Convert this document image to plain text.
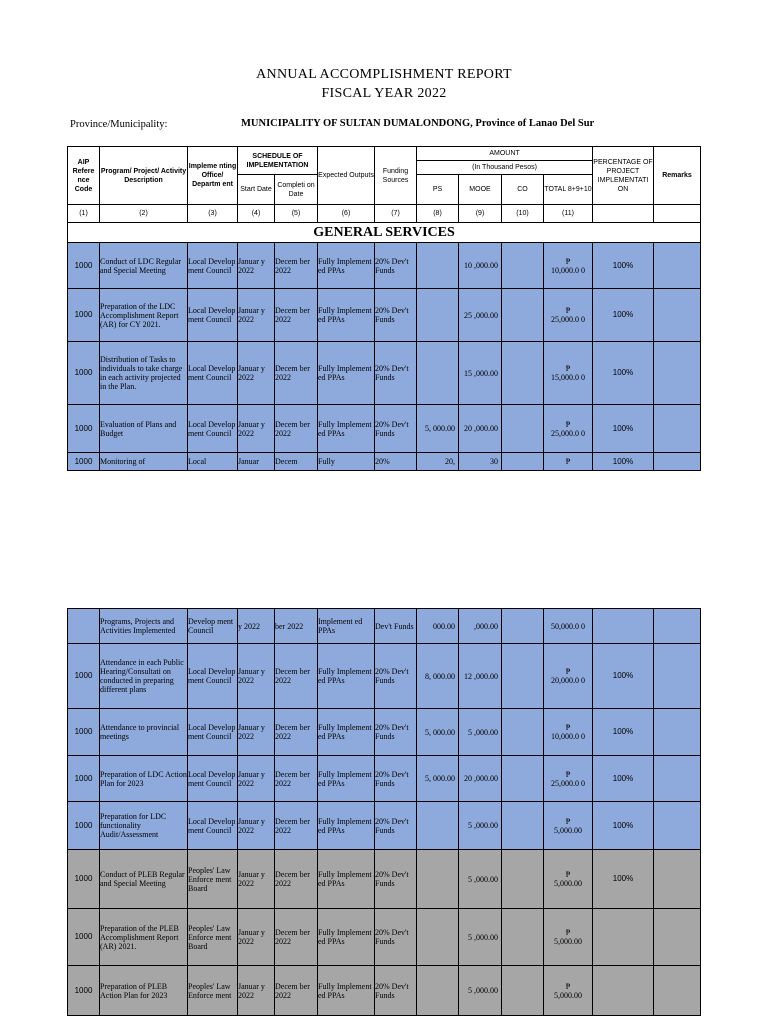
ANNUAL ACCOMPLISHMENT REPORT
FISCAL YEAR 2022
Province/Municipality:	MUNICIPALITY OF SULTAN DUMALONDONG, Province of Lanao Del Sur
AIP Refere nce Code	Program/ Project/ Activity Description	Impleme nting Office/ Departm ent	SCHEDULE OF IMPLEMENTATION		Expected Outputs	Funding Sources	AMOUNT				PERCENTAGE OF PROJECT IMPLEMENTATI ON	Remarks
							(In Thousand Pesos)					
			Start Date	Completi on Date			PS	MOOE	CO	TOTAL 8+9+10		
(1)	(2)	(3)	(4)	(5)	(6)	(7)	(8)	(9)	(10)	(11)		
GENERAL SERVICES												
1000	Conduct of LDC Regular and Special Meeting	Local Develop ment Council	Januar y 2022	Decem ber 2022	Fully Implement ed PPAs	20% Dev't Funds		10 ,000.00		₱
10,000.0 0	100%	
1000	Preparation of the LDC Accomplishment Report (AR) for CY 2021.	Local Develop ment Council	Januar y 2022	Decem ber 2022	Fully Implement ed PPAs	20% Dev't Funds		25 ,000.00		₱
25,000.0 0	100%	
1000	Distribution of Tasks to individuals to take charge in each activity projected in the Plan.	Local Develop ment Council	Januar y 2022	Decem ber 2022	Fully Implement ed PPAs	20% Dev't Funds		15 ,000.00		₱
15,000.0 0	100%	
1000	Evaluation of Plans and Budget	Local Develop ment Council	Januar y 2022	Decem ber 2022	Fully Implement ed PPAs	20% Dev't Funds	5, 000.00	20 ,000.00		₱
25,000.0 0	100%	
1000	Monitoring of	Local	Januar	Decem	Fully	20%	20,	30		₱	100%	
	Programs, Projects and Activities Implemented	Develop ment Council	y 2022	ber 2022	Implement ed PPAs	Dev't Funds	000.00	,000.00		50,000.0 0		
1000	Attendance in each Public Hearing/Consultati on conducted in preparing different plans	Local Develop ment Council	Januar y 2022	Decem ber 2022	Fully Implement ed PPAs	20% Dev't Funds	8, 000.00	12 ,000.00		₱
20,000.0 0	100%	
1000	Attendance to provincial meetings	Local Develop ment Council	Januar y 2022	Decem ber 2022	Fully Implement ed PPAs	20% Dev't Funds	5, 000.00	5 ,000.00		₱
10,000.0 0	100%	
1000	Preparation of LDC Action Plan for 2023	Local Develop ment Council	Januar y 2022	Decem ber 2022	Fully Implement ed PPAs	20% Dev't Funds	5, 000.00	20 ,000.00		₱
25,000.0 0	100%	
1000	Preparation for LDC functionality Audit/Assessment	Local Develop ment Council	Januar y 2022	Decem ber 2022	Fully Implement ed PPAs	20% Dev't Funds		5 ,000.00		₱
5,000.00	100%	
1000	Conduct of PLEB Regular and Special Meeting	Peoples' Law Enforce ment Board	Januar y 2022	Decem ber 2022	Fully Implement ed PPAs	20% Dev't Funds		5 ,000.00		₱
5,000.00	100%	
1000	Preparation of the PLEB Accomplishment Report (AR) 2021.	Peoples' Law Enforce ment Board	Januar y 2022	Decem ber 2022	Fully Implement ed PPAs	20% Dev't Funds		5 ,000.00		₱
5,000.00		
1000	Preparation of PLEB Action Plan for 2023	Peoples' Law Enforce ment	Januar y 2022	Decem ber 2022	Fully Implement ed PPAs	20% Dev't Funds		5 ,000.00		₱
5,000.00		
